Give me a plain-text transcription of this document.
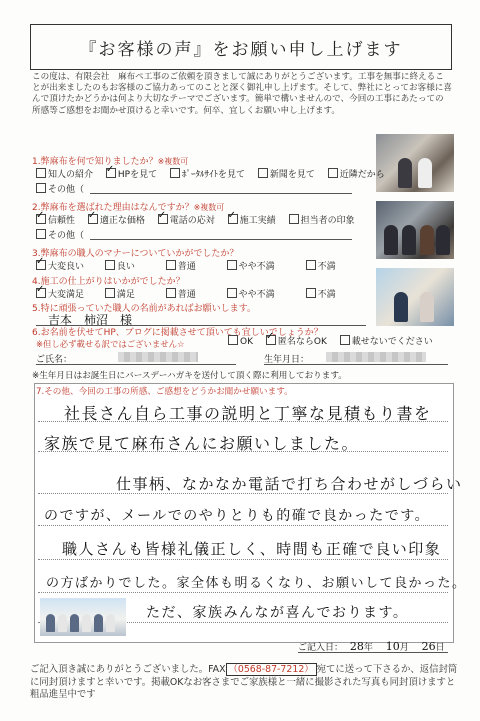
『お客様の声』をお願い申し上げます
この度は、有限会社　麻布ペ工事のご依頼を頂きまして誠にありがとうございます。工事を無事に終えることが出来ましたのもお客様のご協力あってのことと深く御礼申し上げます。そして、弊社にとってお客様に喜んで頂けたかどうかは何より大切なテーマでございます。簡単で構いませんので、今回の工事にあたっての所感等ご感想をお聞かせ頂けると幸いです。何卒、宜しくお願い申し上げます。
1.弊麻布を何で知りましたか？※複数可
知人の紹介 ✓	HPを見て	ﾎﾟｰﾀﾙｻｲﾄを見て	新聞を見て	近隣だから
その他（
2.弊麻布を選ばれた理由はなんですか？※複数可
✓信頼性 ✓	適正な価格 ✓	電話の応対 ✓	施工実績	担当者の印象
その他（
3.弊麻布の職人のマナーについていかがでしたか？
✓大変良い	良い	普通	やや不満	不満
4.施工の仕上がりはいかがでしたか？
✓大変満足	満足	普通	やや不満	不満
5.特に頑張っていた職人の名前があればお願いします。
吉本　柿沼　様
6.お名前を伏せてHP、ブログに掲載させて頂いても宜しいでしょうか？
※但し必ず載せる訳ではございません☆	OK ✓	匿名ならOK	載せないでください
ご氏名：	生年月日：
※生年月日はお誕生日にバースデーハガキを送付して頂く際に利用しております。
7.その他、今回の工事の所感、ご感想をどうかお聞かせ願います。
社長さん自ら工事の説明と丁寧な見積もり書を
家族で見て麻布さんにお願いしました。
仕事柄、なかなか電話で打ち合わせがしづらい
のですが、メールでのやりとりも的確で良かったです。
職人さんも皆様礼儀正しく、時間も正確で良い印象
の方ばかりでした。家全体も明るくなり、お願いして良かった。
ただ、家族みんなが喜んでおります。
ご記入日： 28年 10月 26日
ご記入頂き誠にありがとうございました。FAX （0568-87-7212） 宛てに送って下さるか、返信封筒に同封頂けますと幸いです。掲載OKなお客さまでご家族様と一緒に撮影された写真も同封頂けますと粗品進呈中です
